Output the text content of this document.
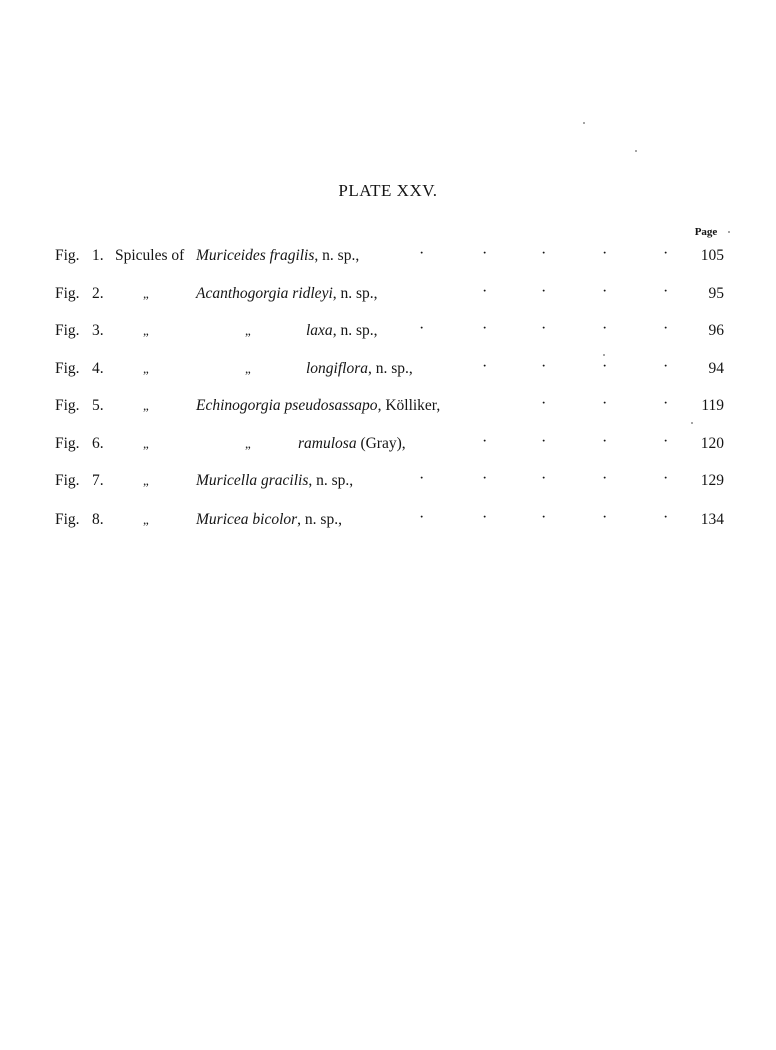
PLATE XXV.
Page
Fig. 1. Spicules of Muriceides fragilis, n. sp.,	·	·	·	·	·	105
Fig. 2.	„	Acanthogorgia ridleyi, n. sp.,	·	·	·	·	95
Fig. 3.	„	„	laxa, n. sp.,	·	·	·	·	·	96
Fig. 4.	„	„	longiflora, n. sp.,	·	·	·	·	94
Fig. 5.	„	Echinogorgia pseudosassapo, Kölliker,	·	·	·	119
Fig. 6.	„	„	ramulosa (Gray),	·	·	·	·	120
Fig. 7.	„	Muricella gracilis, n. sp.,	·	·	·	·	·	129
Fig. 8.	„	Muricea bicolor, n. sp.,	·	·	·	·	·	134
